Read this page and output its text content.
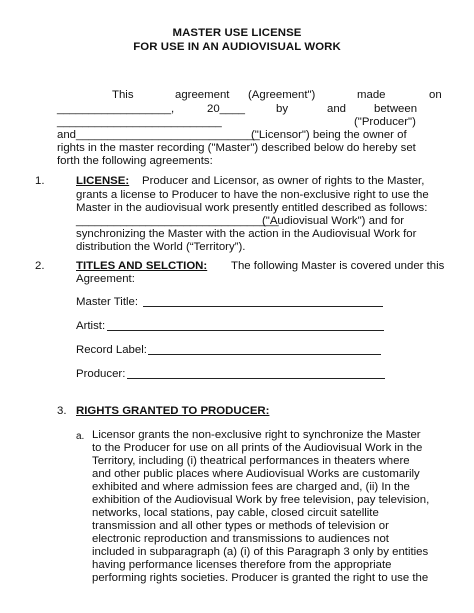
MASTER USE LICENSE
FOR USE IN AN AUDIOVISUAL WORK
This	agreement (Agreement")	made	on
__________________,	20____	by	and between
__________________________	("Producer")
and_____________________________
("Licensor") being the owner of
rights in the master recording ("Master") described below do hereby set
forth the following agreements:
1.	LICENSE: Producer and Licensor, as owner of rights to the Master,
grants a license to Producer to have the non-exclusive right to use the
Master in the audiovisual work presently entitled described as follows:
________________________________
("Audiovisual Work") and for
synchronizing the Master with the action in the Audiovisual Work for
distribution the World (“Territory”).
2.	TITLES AND SELCTION: The following Master is covered under this
Agreement:
Master Title:
Artist:
Record Label:
Producer:
3. RIGHTS GRANTED TO PRODUCER:
a. Licensor grants the non-exclusive right to synchronize the Master
to the Producer for use on all prints of the Audiovisual Work in the
Territory, including (i) theatrical performances in theaters where
and other public places where Audiovisual Works are customarily
exhibited and where admission fees are charged and, (ii) In the
exhibition of the Audiovisual Work by free television, pay television,
networks, local stations, pay cable, closed circuit satellite
transmission and all other types or methods of television or
electronic reproduction and transmissions to audiences not
included in subparagraph (a) (i) of this Paragraph 3 only by entities
having performance licenses therefore from the appropriate
performing rights societies. Producer is granted the right to use the
